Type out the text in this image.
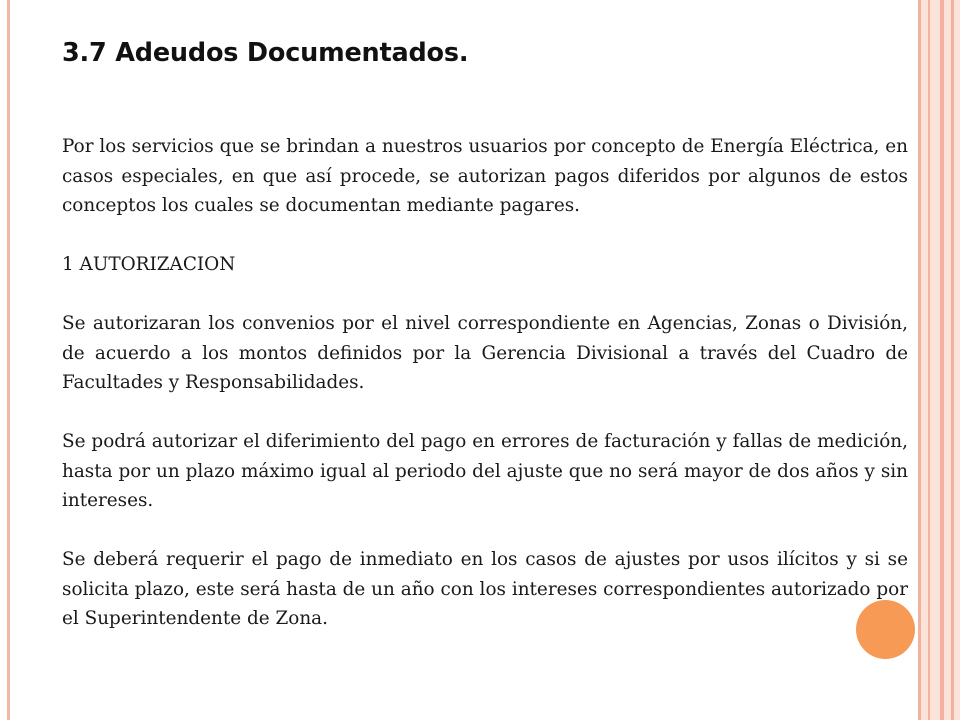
3.7 Adeudos Documentados.

Por los servicios que se brindan a nuestros usuarios por concepto de Energía Eléctrica, en casos especiales, en que así procede, se autorizan pagos diferidos por algunos de estos conceptos los cuales se documentan mediante pagares.

1 AUTORIZACION

Se autorizaran los convenios por el nivel correspondiente en Agencias, Zonas o División, de acuerdo a los montos definidos por la Gerencia Divisional a través del Cuadro de Facultades y Responsabilidades.

Se podrá autorizar el diferimiento del pago en errores de facturación y fallas de medición, hasta por un plazo máximo igual al periodo del ajuste que no será mayor de dos años y sin intereses.

Se deberá requerir el pago de inmediato en los casos de ajustes por usos ilícitos y si se solicita plazo, este será hasta de un año con los intereses correspondientes autorizado por el Superintendente de Zona.
